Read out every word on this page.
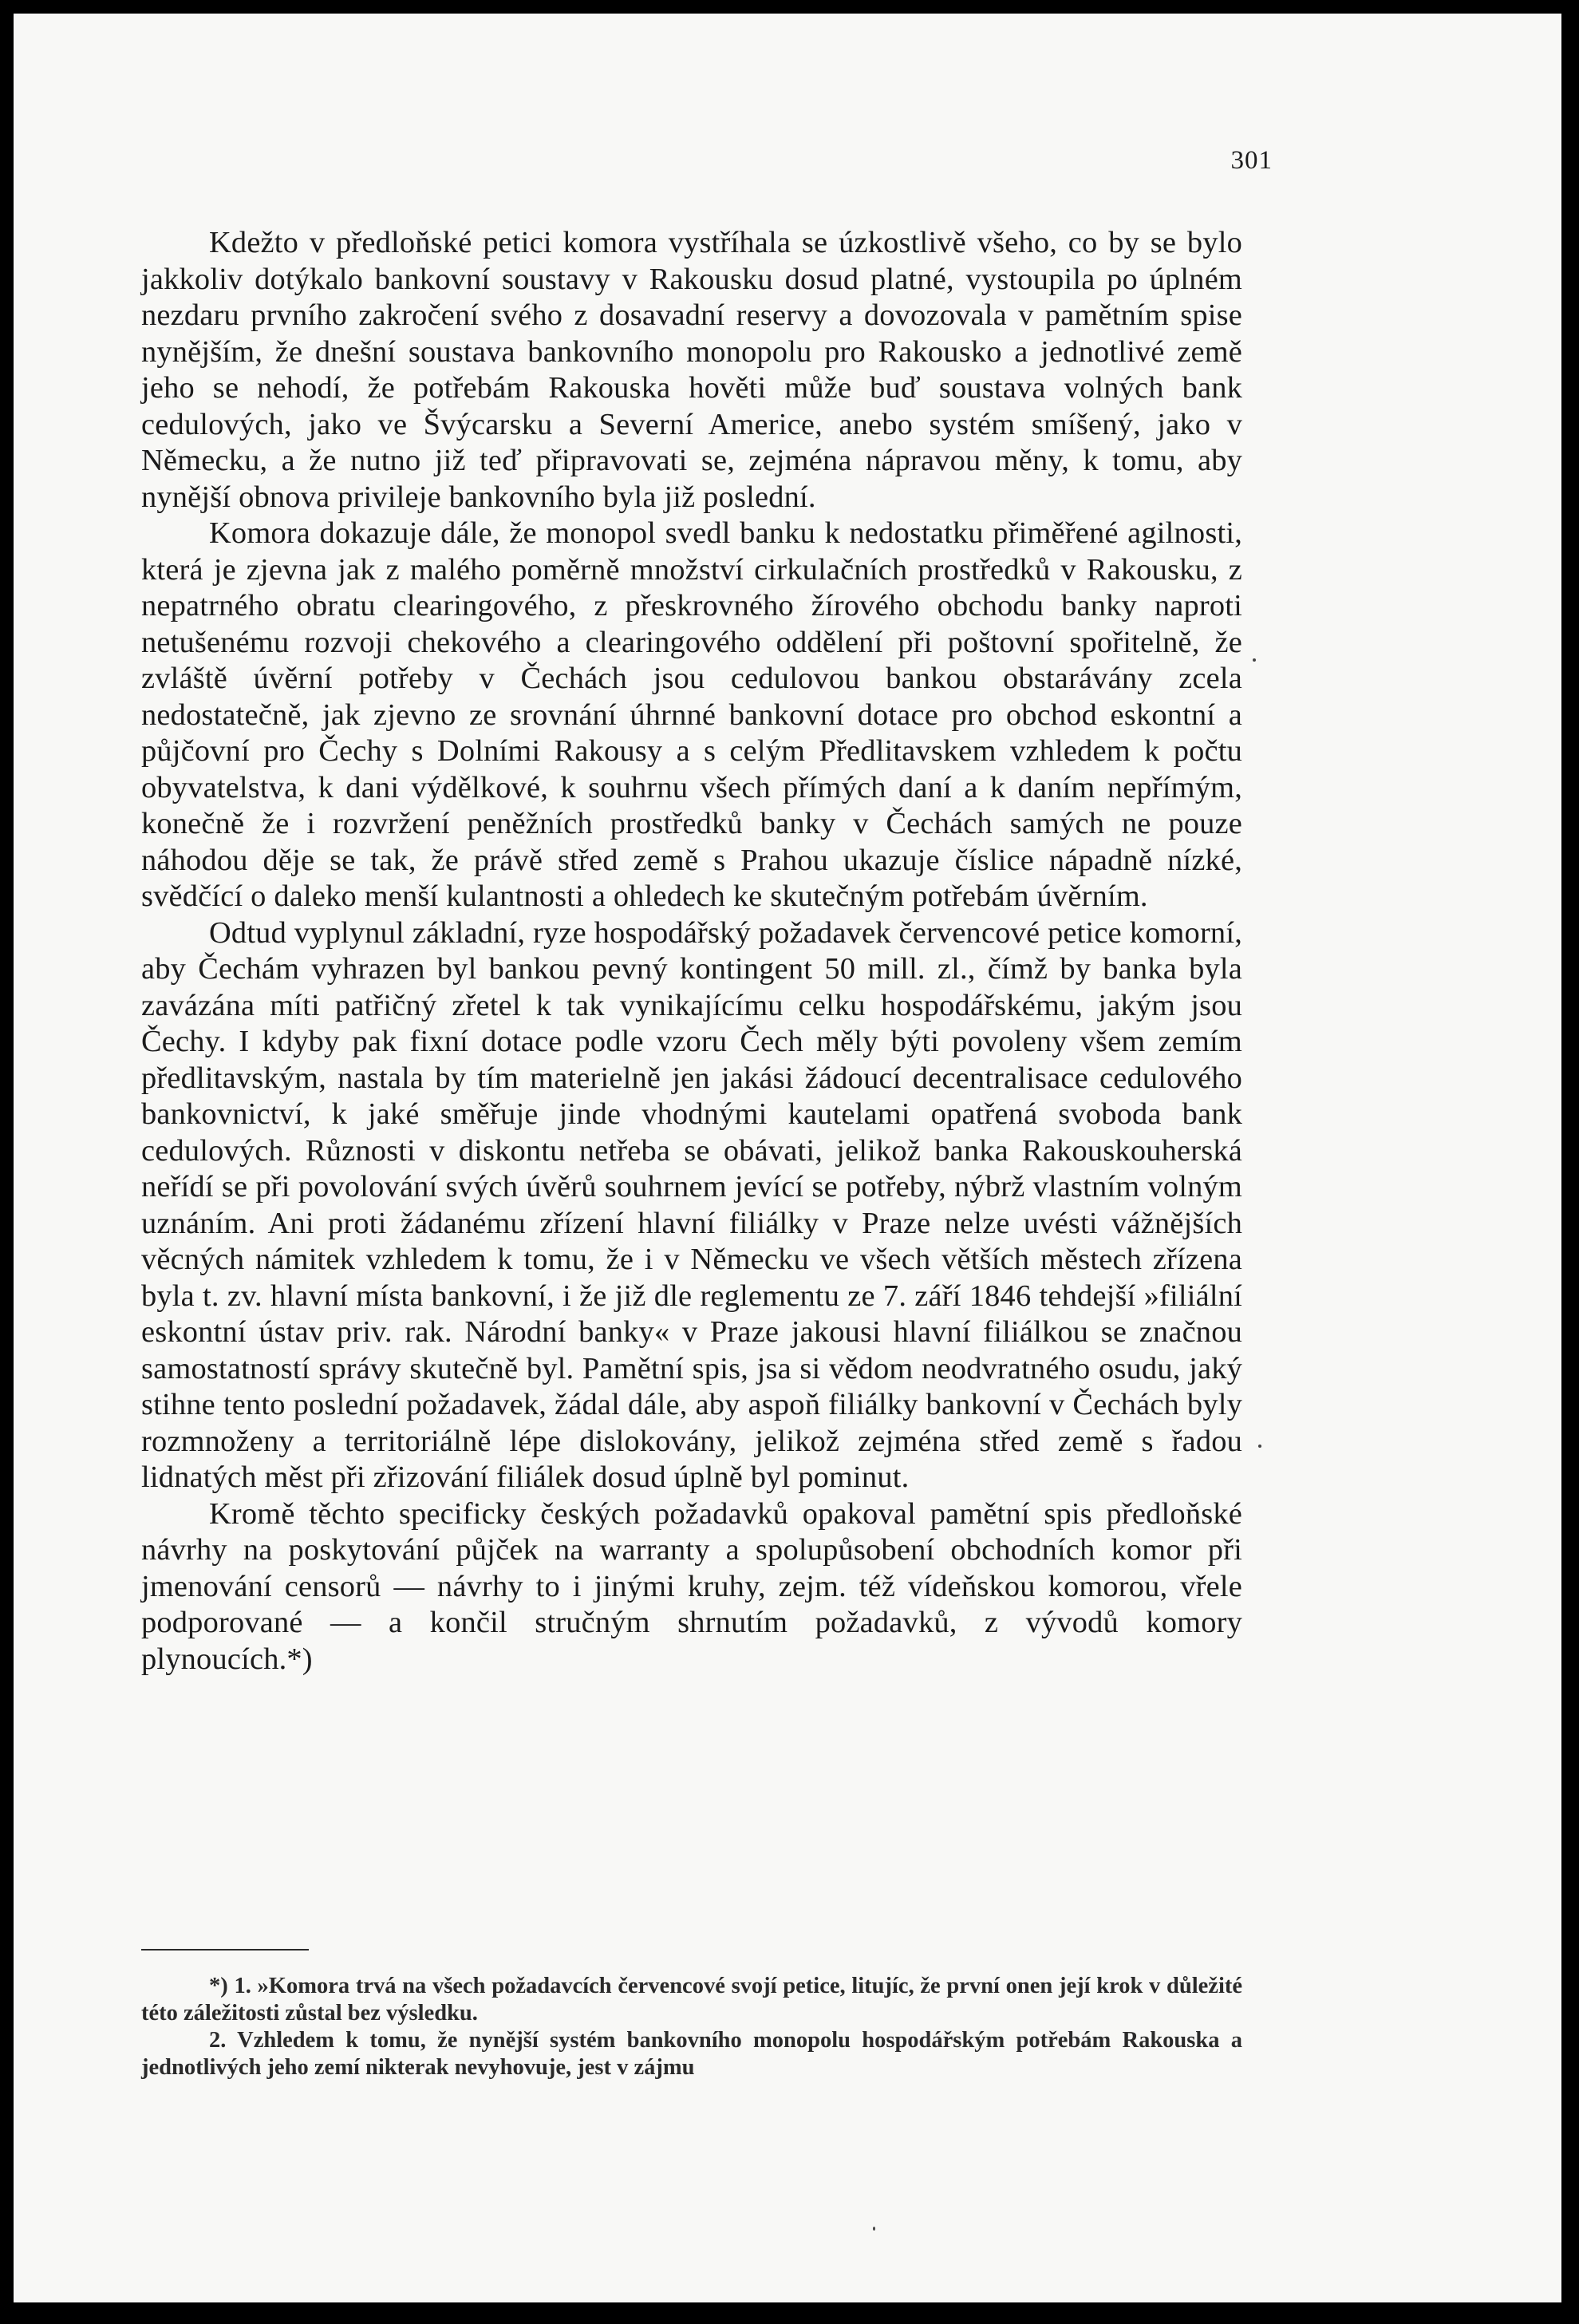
301

Kdežto v předloňské petici komora vystříhala se úzkostlivě všeho, co by se bylo jakkoliv dotýkalo bankovní soustavy v Rakousku dosud platné, vystoupila po úplném nezdaru prvního zakročení svého z dosavadní reservy a dovozovala v pamětním spise nynějším, že dnešní soustava bankovního monopolu pro Rakousko a jednotlivé země jeho se nehodí, že potřebám Rakouska hověti může buď soustava volných bank cedulových, jako ve Švýcarsku a Severní Americe, anebo systém smíšený, jako v Německu, a že nutno již teď připravovati se, zejména nápravou měny, k tomu, aby nynější obnova privileje bankovního byla již poslední.

Komora dokazuje dále, že monopol svedl banku k nedostatku přiměřené agilnosti, která je zjevna jak z malého poměrně množství cirkulačních prostředků v Rakousku, z nepatrného obratu clearingového, z přeskrovného žírového obchodu banky naproti netušenému rozvoji chekového a clearingového oddělení při poštovní spořitelně, že zvláště úvěrní potřeby v Čechách jsou cedulovou bankou obstarávány zcela nedostatečně, jak zjevno ze srovnání úhrnné bankovní dotace pro obchod eskontní a půjčovní pro Čechy s Dolními Rakousy a s celým Předlitavskem vzhledem k počtu obyvatelstva, k dani výdělkové, k souhrnu všech přímých daní a k daním nepřímým, konečně že i rozvržení peněžních prostředků banky v Čechách samých ne pouze náhodou děje se tak, že právě střed země s Prahou ukazuje číslice nápadně nízké, svědčící o daleko menší kulantnosti a ohledech ke skutečným potřebám úvěrním.

Odtud vyplynul základní, ryze hospodářský požadavek červencové petice komorní, aby Čechám vyhrazen byl bankou pevný kontingent 50 mill. zl., čímž by banka byla zavázána míti patřičný zřetel k tak vynikajícímu celku hospodářskému, jakým jsou Čechy. I kdyby pak fixní dotace podle vzoru Čech měly býti povoleny všem zemím předlitavským, nastala by tím materielně jen jakási žádoucí decentralisace cedulového bankovnictví, k jaké směřuje jinde vhodnými kautelami opatřená svoboda bank cedulových. Různosti v diskontu netřeba se obávati, jelikož banka Rakouskouherská neřídí se při povolování svých úvěrů souhrnem jevící se potřeby, nýbrž vlastním volným uznáním. Ani proti žádanému zřízení hlavní filiálky v Praze nelze uvésti vážnějších věcných námitek vzhledem k tomu, že i v Německu ve všech větších městech zřízena byla t. zv. hlavní místa bankovní, i že již dle reglementu ze 7. září 1846 tehdejší »filiální eskontní ústav priv. rak. Národní banky« v Praze jakousi hlavní filiálkou se značnou samostatností správy skutečně byl. Pamětní spis, jsa si vědom neodvratného osudu, jaký stihne tento poslední požadavek, žádal dále, aby aspoň filiálky bankovní v Čechách byly rozmnoženy a territoriálně lépe dislokovány, jelikož zejména střed země s řadou lidnatých měst při zřizování filiálek dosud úplně byl pominut.

Kromě těchto specificky českých požadavků opakoval pamětní spis předloňské návrhy na poskytování půjček na warranty a spolupůsobení obchodních komor při jmenování censorů — návrhy to i jinými kruhy, zejm. též vídeňskou komorou, vřele podporované — a končil stručným shrnutím požadavků, z vývodů komory plynoucích.*)

*) 1. »Komora trvá na všech požadavcích červencové svojí petice, litujíc, že první onen její krok v důležité této záležitosti zůstal bez výsledku.

2. Vzhledem k tomu, že nynější systém bankovního monopolu hospodářským potřebám Rakouska a jednotlivých jeho zemí nikterak nevyhovuje, jest v zájmu
